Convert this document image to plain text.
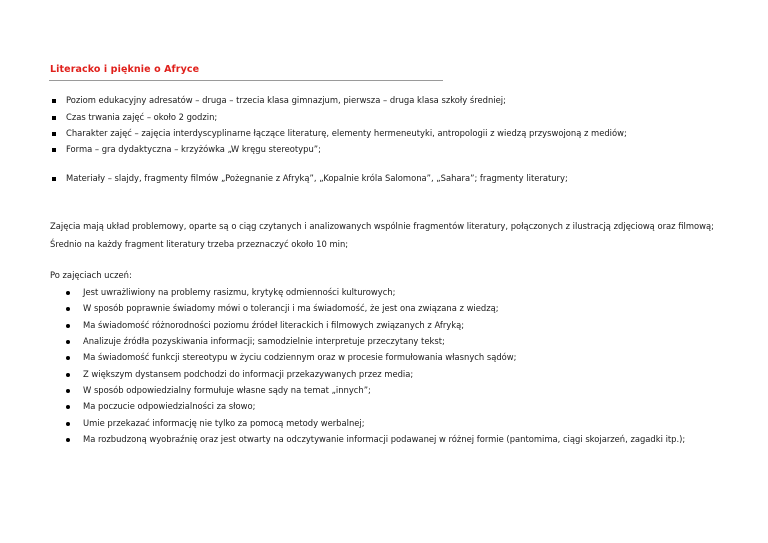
Literacko i pięknie o Afryce
Poziom edukacyjny adresatów – druga – trzecia klasa gimnazjum, pierwsza – druga klasa szkoły średniej;
Czas trwania zajęć – około 2 godzin;
Charakter zajęć – zajęcia interdyscyplinarne łączące literaturę, elementy hermeneutyki, antropologii z wiedzą przyswojoną z mediów;
Forma – gra dydaktyczna – krzyżówka „W kręgu stereotypu”;
Materiały – slajdy, fragmenty filmów „Pożegnanie z Afryką”, „Kopalnie króla Salomona”, „Sahara”; fragmenty literatury;
Zajęcia mają układ problemowy, oparte są o ciąg czytanych i analizowanych wspólnie fragmentów literatury, połączonych z ilustracją zdjęciową oraz filmową;
Średnio na każdy fragment literatury trzeba przeznaczyć około 10 min;
Po zajęciach uczeń:
Jest uwrażliwiony na problemy rasizmu, krytykę odmienności kulturowych;
W sposób poprawnie świadomy mówi o tolerancji i ma świadomość, że jest ona związana z wiedzą;
Ma świadomość różnorodności poziomu źródeł literackich i filmowych związanych z Afryką;
Analizuje źródła pozyskiwania informacji; samodzielnie interpretuje przeczytany tekst;
Ma świadomość funkcji stereotypu w życiu codziennym oraz w procesie formułowania własnych sądów;
Z większym dystansem podchodzi do informacji przekazywanych przez media;
W sposób odpowiedzialny formułuje własne sądy na temat „innych”;
Ma poczucie odpowiedzialności za słowo;
Umie przekazać informację nie tylko za pomocą metody werbalnej;
Ma rozbudzoną wyobraźnię oraz jest otwarty na odczytywanie informacji podawanej w różnej formie (pantomima, ciągi skojarzeń, zagadki itp.);
